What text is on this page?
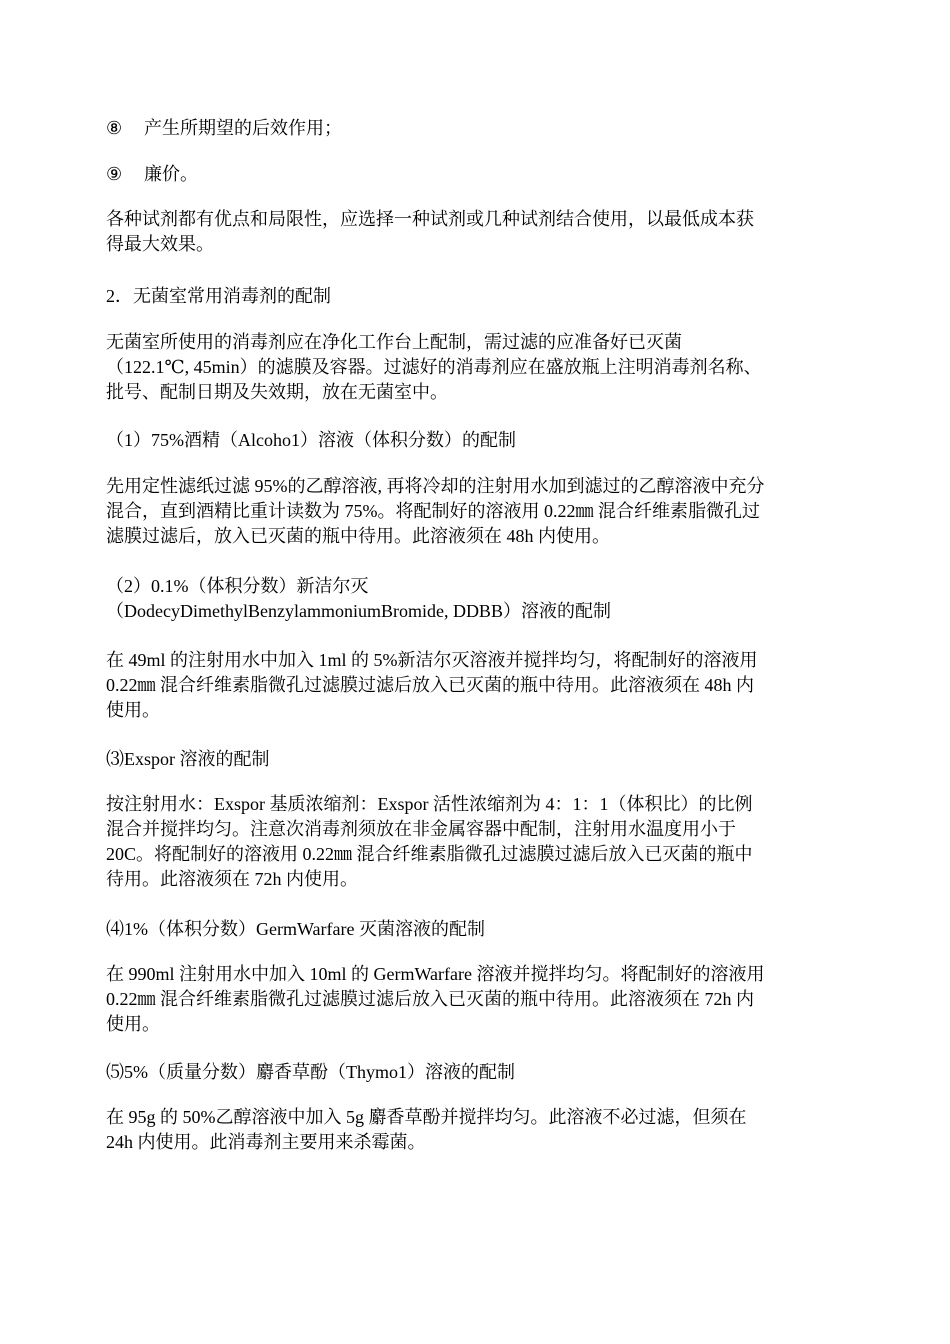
⑧ 产生所期望的后效作用；

⑨ 廉价。

各种试剂都有优点和局限性，应选择一种试剂或几种试剂结合使用，以最低成本获
得最大效果。

2．无菌室常用消毒剂的配制

无菌室所使用的消毒剂应在净化工作台上配制，需过滤的应准备好已灭菌
（122.1℃, 45min）的滤膜及容器。过滤好的消毒剂应在盛放瓶上注明消毒剂名称、
批号、配制日期及失效期，放在无菌室中。

（1）75%酒精（Alcoho1）溶液（体积分数）的配制

先用定性滤纸过滤 95%的乙醇溶液, 再将冷却的注射用水加到滤过的乙醇溶液中充分
混合，直到酒精比重计读数为 75%。将配制好的溶液用 0.22㎜ 混合纤维素脂微孔过
滤膜过滤后，放入已灭菌的瓶中待用。此溶液须在 48h 内使用。

（2）0.1%（体积分数）新洁尔灭
（DodecyDimethylBenzylammoniumBromide, DDBB）溶液的配制

在 49ml 的注射用水中加入 1ml 的 5%新洁尔灭溶液并搅拌均匀，将配制好的溶液用
0.22㎜ 混合纤维素脂微孔过滤膜过滤后放入已灭菌的瓶中待用。此溶液须在 48h 内
使用。

⑶Exspor 溶液的配制

按注射用水：Exspor 基质浓缩剂：Exspor 活性浓缩剂为 4：1：1（体积比）的比例
混合并搅拌均匀。注意次消毒剂须放在非金属容器中配制，注射用水温度用小于
20C。将配制好的溶液用 0.22㎜ 混合纤维素脂微孔过滤膜过滤后放入已灭菌的瓶中
待用。此溶液须在 72h 内使用。

⑷1%（体积分数）GermWarfare 灭菌溶液的配制

在 990ml 注射用水中加入 10ml 的 GermWarfare 溶液并搅拌均匀。将配制好的溶液用
0.22㎜ 混合纤维素脂微孔过滤膜过滤后放入已灭菌的瓶中待用。此溶液须在 72h 内
使用。

⑸5%（质量分数）麝香草酚（Thymo1）溶液的配制

在 95g 的 50%乙醇溶液中加入 5g 麝香草酚并搅拌均匀。此溶液不必过滤，但须在
24h 内使用。此消毒剂主要用来杀霉菌。
